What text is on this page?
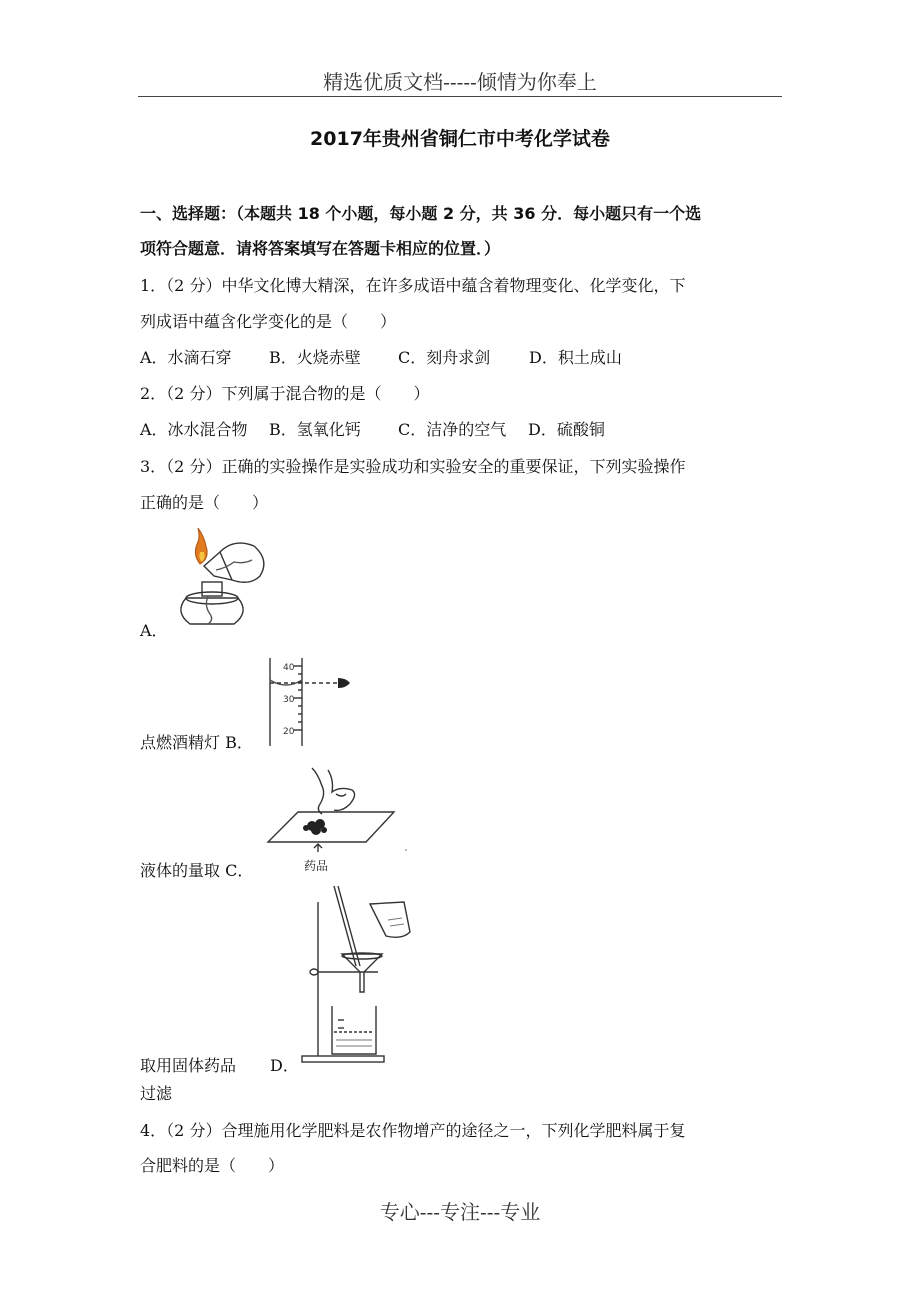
精选优质文档-----倾情为你奉上
2017年贵州省铜仁市中考化学试卷
一、选择题：（本题共 18 个小题，每小题 2 分，共 36 分．每小题只有一个选
项符合题意．请将答案填写在答题卡相应的位置．）
1．（2 分）中华文化博大精深，在许多成语中蕴含着物理变化、化学变化，下
列成语中蕴含化学变化的是（　　）
A．水滴石穿 B．火烧赤壁 C．刻舟求剑 D．积土成山
2．（2 分）下列属于混合物的是（　　）
A．冰水混合物 B．氢氧化钙 C．洁净的空气 D．硫酸铜
3．（2 分）正确的实验操作是实验成功和实验安全的重要保证，下列实验操作
正确的是（　　）
A．
40
30
20
点燃酒精灯 B．
药品
液体的量取 C．
取用固体药品 D．
过滤
4．（2 分）合理施用化学肥料是农作物增产的途径之一，下列化学肥料属于复
合肥料的是（　　）
专心---专注---专业
